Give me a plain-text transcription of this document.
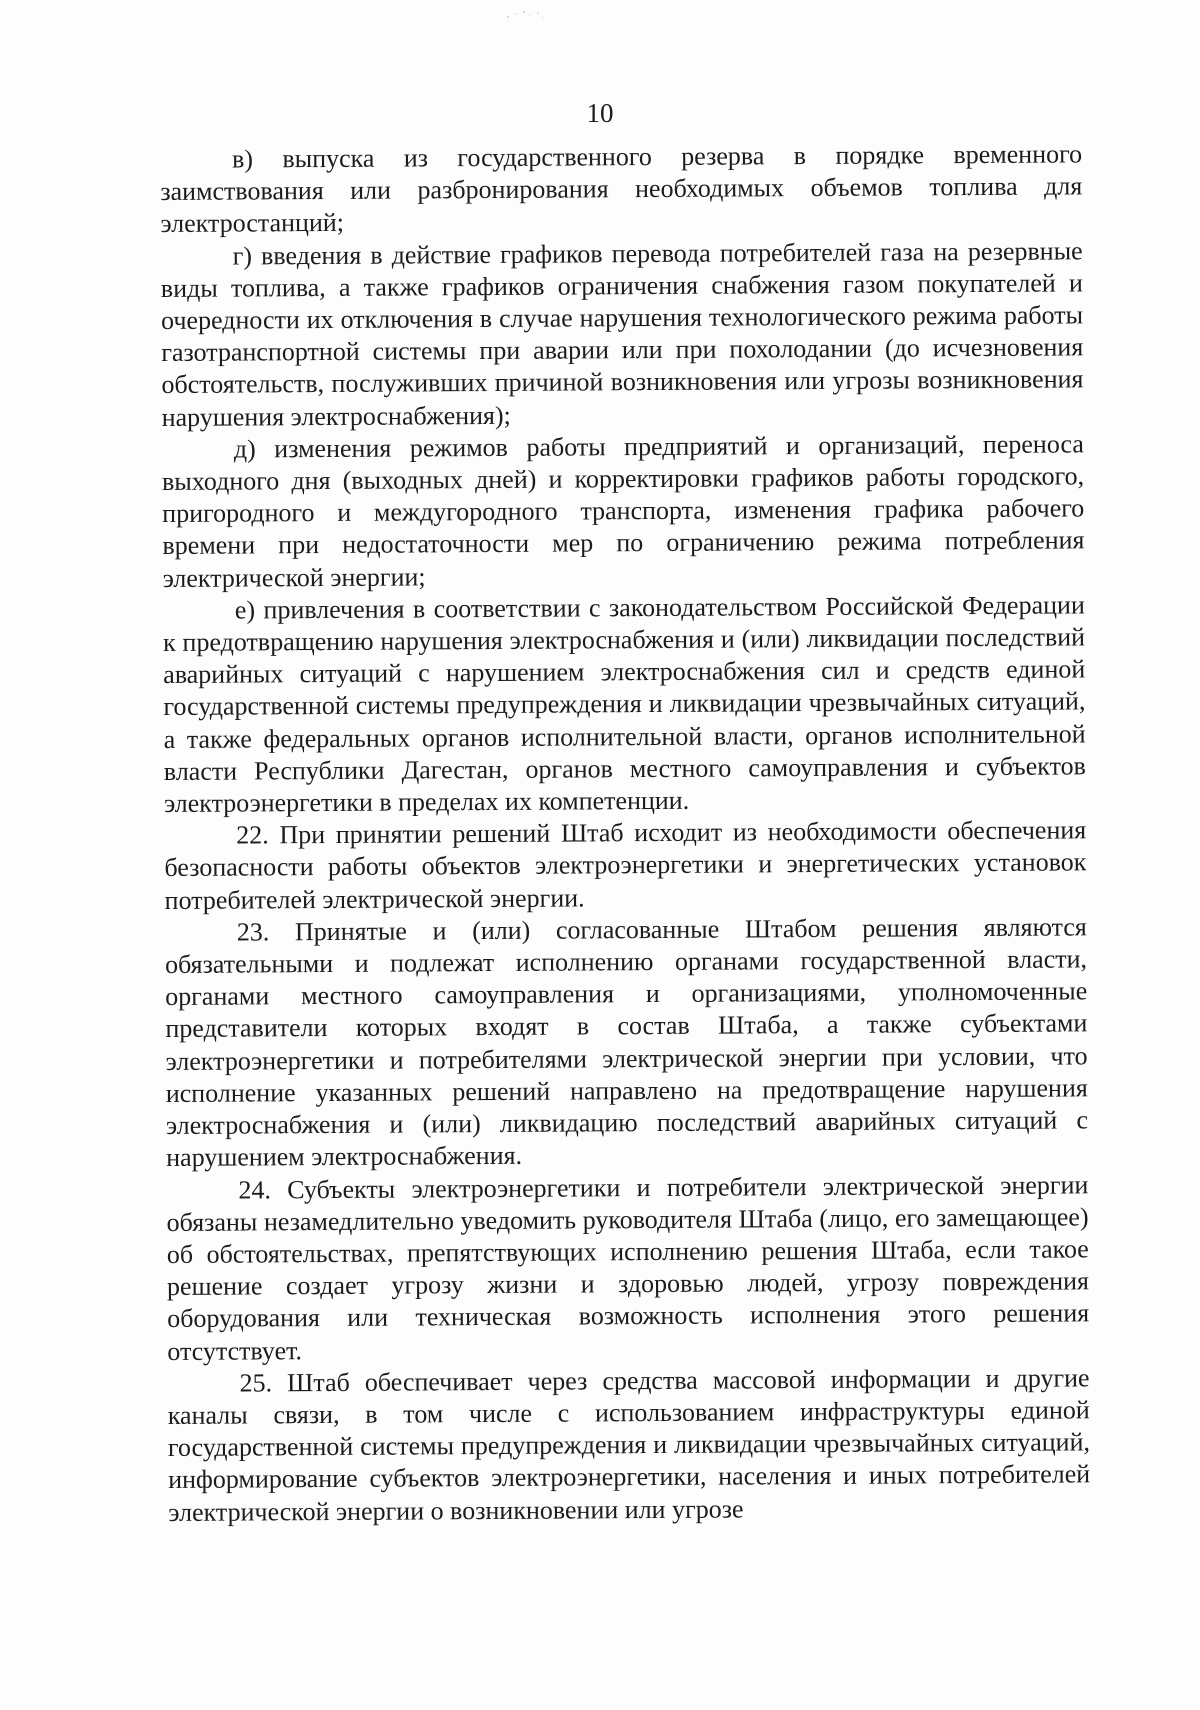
10

в) выпуска из государственного резерва в порядке временного заимствования или разбронирования необходимых объемов топлива для электростанций;

г) введения в действие графиков перевода потребителей газа на резервные виды топлива, а также графиков ограничения снабжения газом покупателей и очередности их отключения в случае нарушения технологического режима работы газотранспортной системы при аварии или при похолодании (до исчезновения обстоятельств, послуживших причиной возникновения или угрозы возникновения нарушения электроснабжения);

д) изменения режимов работы предприятий и организаций, переноса выходного дня (выходных дней) и корректировки графиков работы городского, пригородного и междугородного транспорта, изменения графика рабочего времени при недостаточности мер по ограничению режима потребления электрической энергии;

е) привлечения в соответствии с законодательством Российской Федерации к предотвращению нарушения электроснабжения и (или) ликвидации последствий аварийных ситуаций с нарушением электроснабжения сил и средств единой государственной системы предупреждения и ликвидации чрезвычайных ситуаций, а также федеральных органов исполнительной власти, органов исполнительной власти Республики Дагестан, органов местного самоуправления и субъектов электроэнергетики в пределах их компетенции.

22. При принятии решений Штаб исходит из необходимости обеспечения безопасности работы объектов электроэнергетики и энергетических установок потребителей электрической энергии.

23. Принятые и (или) согласованные Штабом решения являются обязательными и подлежат исполнению органами государственной власти, органами местного самоуправления и организациями, уполномоченные представители которых входят в состав Штаба, а также субъектами электроэнергетики и потребителями электрической энергии при условии, что исполнение указанных решений направлено на предотвращение нарушения электроснабжения и (или) ликвидацию последствий аварийных ситуаций с нарушением электроснабжения.

24. Субъекты электроэнергетики и потребители электрической энергии обязаны незамедлительно уведомить руководителя Штаба (лицо, его замещающее) об обстоятельствах, препятствующих исполнению решения Штаба, если такое решение создает угрозу жизни и здоровью людей, угрозу повреждения оборудования или техническая возможность исполнения этого решения отсутствует.

25. Штаб обеспечивает через средства массовой информации и другие каналы связи, в том числе с использованием инфраструктуры единой государственной системы предупреждения и ликвидации чрезвычайных ситуаций, информирование субъектов электроэнергетики, населения и иных потребителей электрической энергии о возникновении или угрозе
